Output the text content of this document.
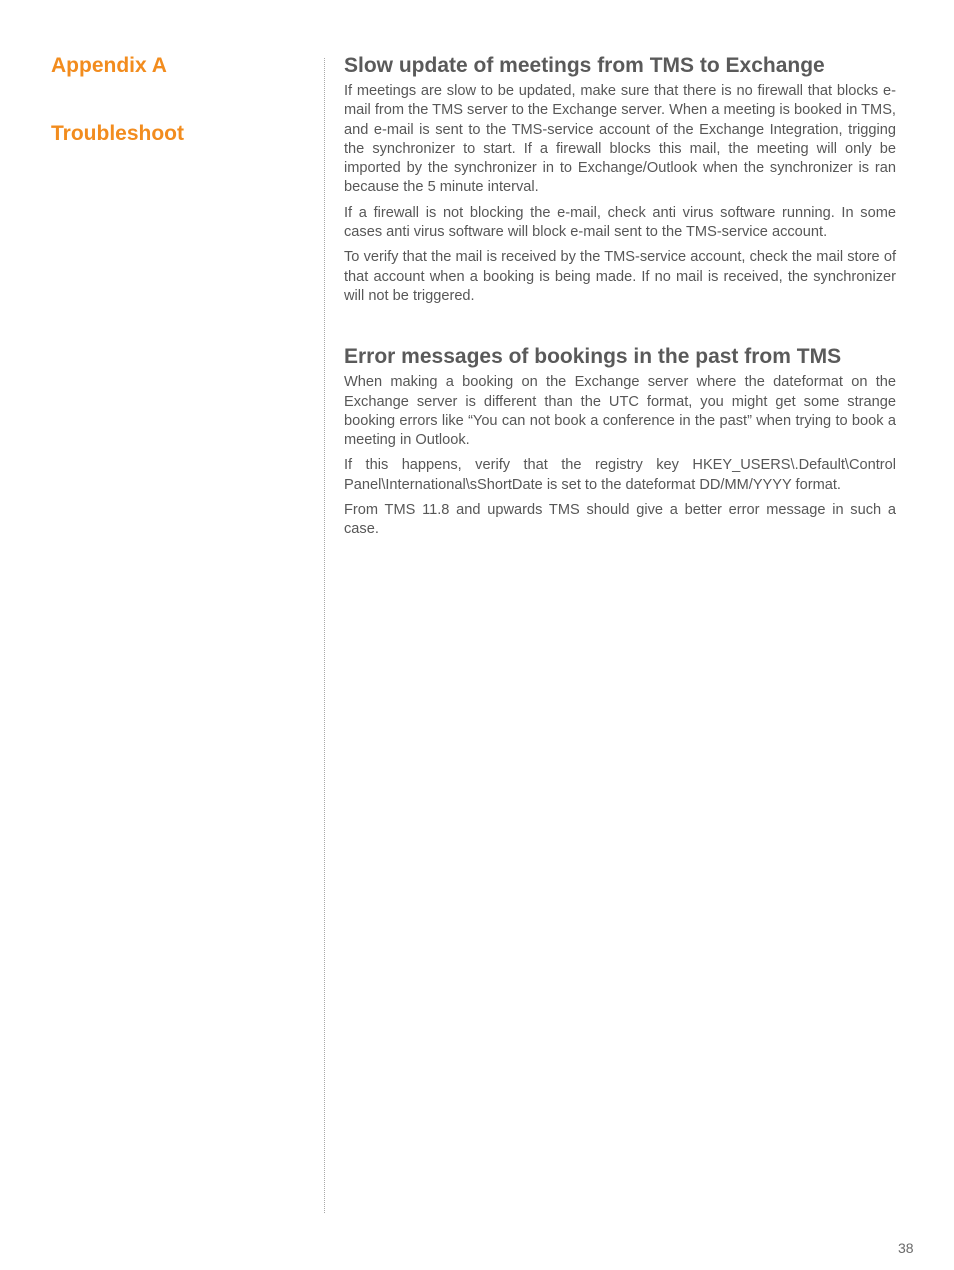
Appendix A
Troubleshoot
Slow update of meetings from TMS to Exchange

If meetings are slow to be updated, make sure that there is no firewall that blocks e-mail from the TMS server to the Exchange server. When a meeting is booked in TMS, and e-mail is sent to the TMS-service account of the Exchange Integration, trigging the synchronizer to start. If a firewall blocks this mail, the meeting will only be imported by the synchronizer in to Exchange/Outlook when the synchronizer is ran because the 5 minute interval.

If a firewall is not blocking the e-mail, check anti virus software running. In some cases anti virus software will block e-mail sent to the TMS-service account.

To verify that the mail is received by the TMS-service account, check the mail store of that account when a booking is being made. If no mail is received, the synchronizer will not be triggered.

Error messages of bookings in the past from TMS

When making a booking on the Exchange server where the dateformat on the Exchange server is different than the UTC format, you might get some strange booking errors like “You can not book a conference in the past” when trying to book a meeting in Outlook.

If this happens, verify that the registry key HKEY_USERS\.Default\Control Panel\International\sShortDate is set to the dateformat DD/MM/YYYY format.

From TMS 11.8 and upwards TMS should give a better error message in such a case.

38
